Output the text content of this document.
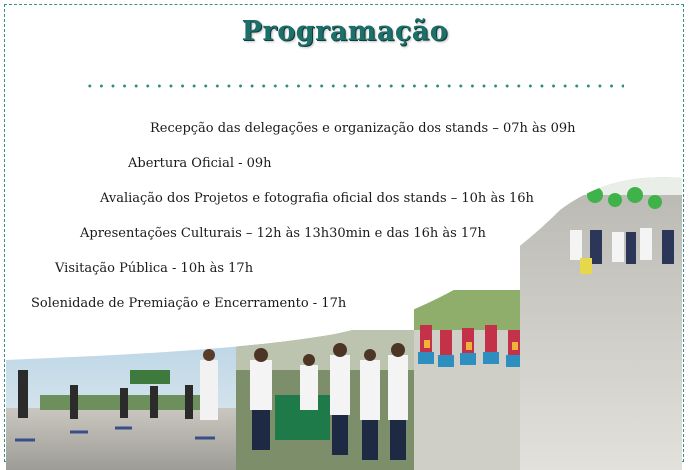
Programação
Recepção das delegações e organização dos stands – 07h às 09h
Abertura Oficial - 09h
Avaliação dos Projetos e fotografia oficial dos stands – 10h às 16h
Apresentações Culturais – 12h às 13h30min e das 16h às 17h
Visitação Pública - 10h às 17h
Solenidade de Premiação e Encerramento - 17h
